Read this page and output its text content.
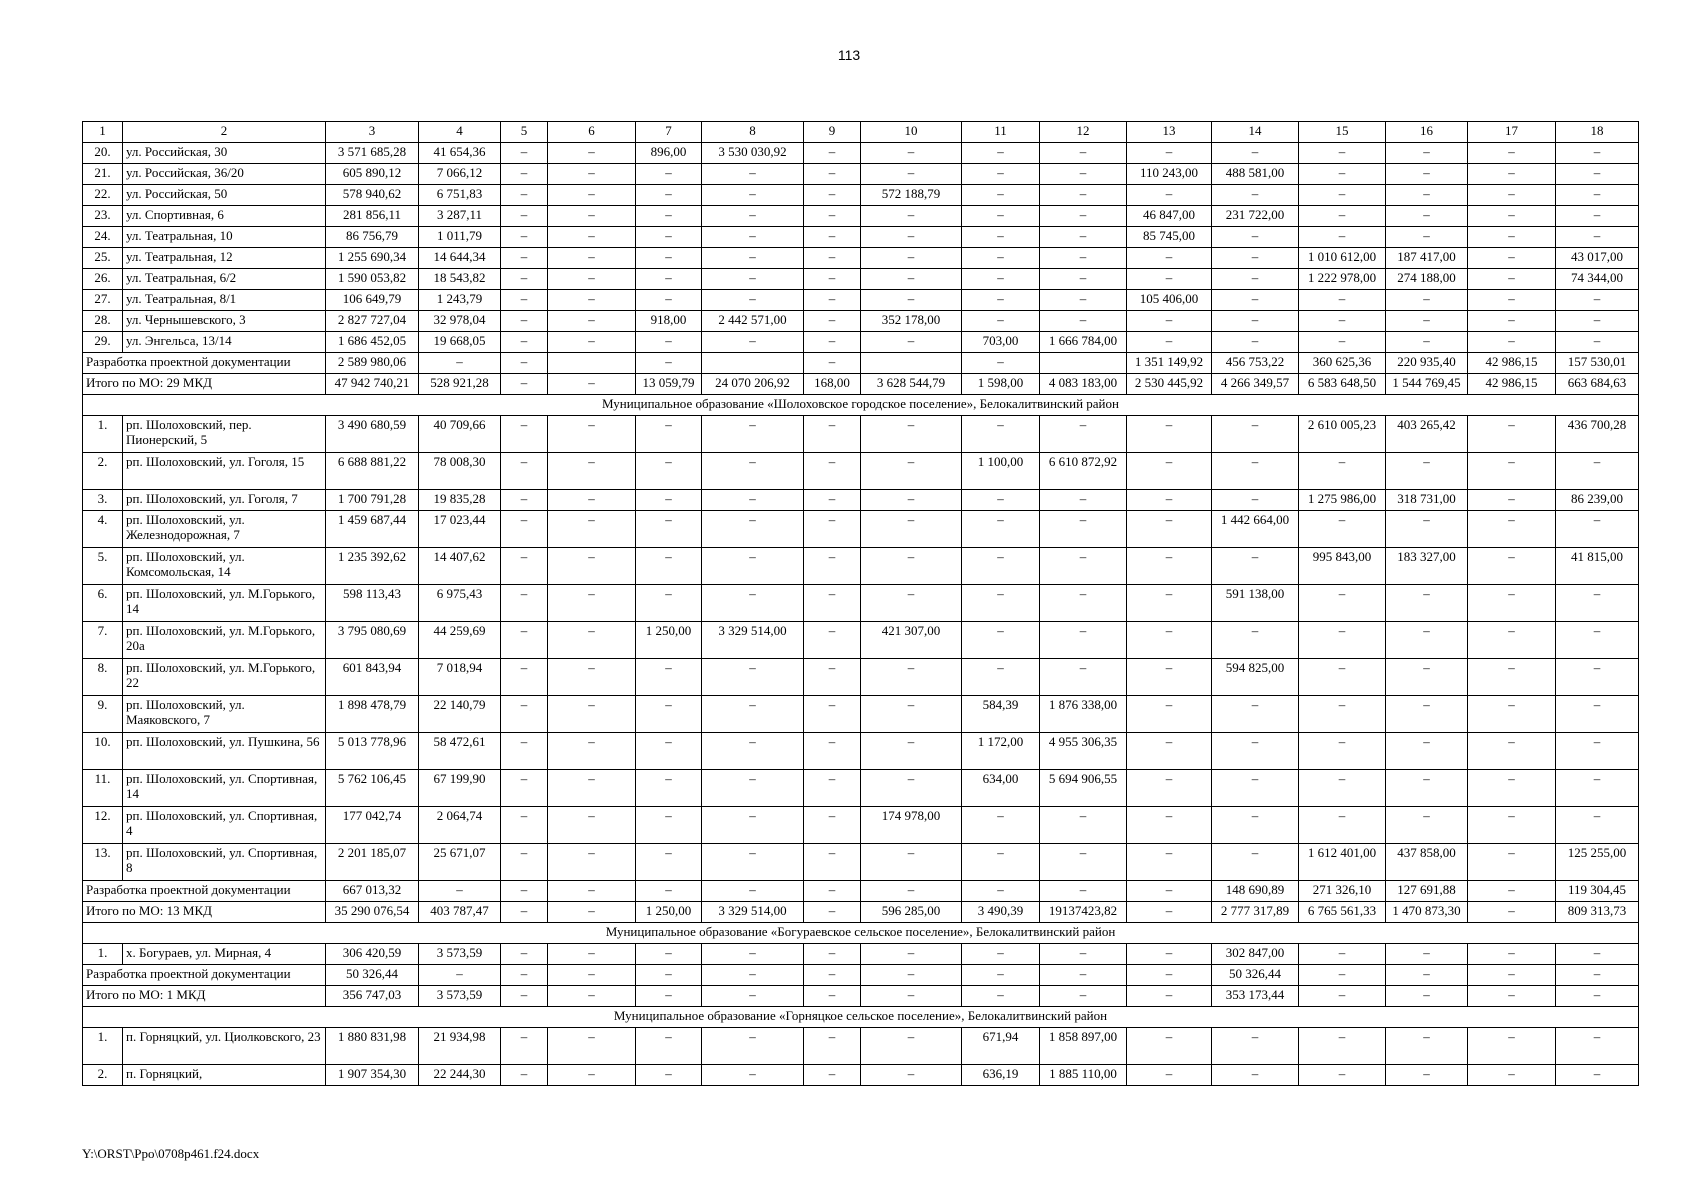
113
1	2	3	4	5	6	7	8	9	10	11	12	13	14	15	16	17	18
20.	ул. Российская, 30	3 571 685,28	41 654,36	–	–	896,00	3 530 030,92	–	–	–	–	–	–	–	–	–	–
21.	ул. Российская, 36/20	605 890,12	7 066,12	–	–	–	–	–	–	–	–	110 243,00	488 581,00	–	–	–	–
22.	ул. Российская, 50	578 940,62	6 751,83	–	–	–	–	–	572 188,79	–	–	–	–	–	–	–	–
23.	ул. Спортивная, 6	281 856,11	3 287,11	–	–	–	–	–	–	–	–	46 847,00	231 722,00	–	–	–	–
24.	ул. Театральная, 10	86 756,79	1 011,79	–	–	–	–	–	–	–	–	85 745,00	–	–	–	–	–
25.	ул. Театральная, 12	1 255 690,34	14 644,34	–	–	–	–	–	–	–	–	–	–	1 010 612,00	187 417,00	–	43 017,00
26.	ул. Театральная, 6/2	1 590 053,82	18 543,82	–	–	–	–	–	–	–	–	–	–	1 222 978,00	274 188,00	–	74 344,00
27.	ул. Театральная, 8/1	106 649,79	1 243,79	–	–	–	–	–	–	–	–	105 406,00	–	–	–	–	–
28.	ул. Чернышевского, 3	2 827 727,04	32 978,04	–	–	918,00	2 442 571,00	–	352 178,00	–	–	–	–	–	–	–	–
29.	ул. Энгельса, 13/14	1 686 452,05	19 668,05	–	–	–	–	–	–	703,00	1 666 784,00	–	–	–	–	–	–
Разработка проектной документации		2 589 980,06	–	–		–		–		–		1 351 149,92	456 753,22	360 625,36	220 935,40	42 986,15	157 530,01
Итого по МО: 29 МКД		47 942 740,21	528 921,28	–	–	13 059,79	24 070 206,92	168,00	3 628 544,79	1 598,00	4 083 183,00	2 530 445,92	4 266 349,57	6 583 648,50	1 544 769,45	42 986,15	663 684,63
Муниципальное образование «Шолоховское городское поселение», Белокалитвинский район																	
1.	рп. Шолоховский, пер. Пионерский, 5	3 490 680,59	40 709,66	–	–	–	–	–	–	–	–	–	–	2 610 005,23	403 265,42	–	436 700,28
2.	рп. Шолоховский, ул. Гоголя, 15	6 688 881,22	78 008,30	–	–	–	–	–	–	1 100,00	6 610 872,92	–	–	–	–	–	–
3.	рп. Шолоховский, ул. Гоголя, 7	1 700 791,28	19 835,28	–	–	–	–	–	–	–	–	–	–	1 275 986,00	318 731,00	–	86 239,00
4.	рп. Шолоховский, ул. Железнодорожная, 7	1 459 687,44	17 023,44	–	–	–	–	–	–	–	–	–	1 442 664,00	–	–	–	–
5.	рп. Шолоховский, ул. Комсомольская, 14	1 235 392,62	14 407,62	–	–	–	–	–	–	–	–	–	–	995 843,00	183 327,00	–	41 815,00
6.	рп. Шолоховский, ул. М.Горького, 14	598 113,43	6 975,43	–	–	–	–	–	–	–	–	–	591 138,00	–	–	–	–
7.	рп. Шолоховский, ул. М.Горького, 20а	3 795 080,69	44 259,69	–	–	1 250,00	3 329 514,00	–	421 307,00	–	–	–	–	–	–	–	–
8.	рп. Шолоховский, ул. М.Горького, 22	601 843,94	7 018,94	–	–	–	–	–	–	–	–	–	594 825,00	–	–	–	–
9.	рп. Шолоховский, ул. Маяковского, 7	1 898 478,79	22 140,79	–	–	–	–	–	–	584,39	1 876 338,00	–	–	–	–	–	–
10.	рп. Шолоховский, ул. Пушкина, 56	5 013 778,96	58 472,61	–	–	–	–	–	–	1 172,00	4 955 306,35	–	–	–	–	–	–
11.	рп. Шолоховский, ул. Спортивная, 14	5 762 106,45	67 199,90	–	–	–	–	–	–	634,00	5 694 906,55	–	–	–	–	–	–
12.	рп. Шолоховский, ул. Спортивная, 4	177 042,74	2 064,74	–	–	–	–	–	174 978,00	–	–	–	–	–	–	–	–
13.	рп. Шолоховский, ул. Спортивная, 8	2 201 185,07	25 671,07	–	–	–	–	–	–	–	–	–	–	1 612 401,00	437 858,00	–	125 255,00
Разработка проектной документации		667 013,32	–	–	–	–	–	–	–	–	–	–	148 690,89	271 326,10	127 691,88	–	119 304,45
Итого по МО: 13 МКД		35 290 076,54	403 787,47	–	–	1 250,00	3 329 514,00	–	596 285,00	3 490,39	19137423,82	–	2 777 317,89	6 765 561,33	1 470 873,30	–	809 313,73
Муниципальное образование «Богураевское сельское поселение», Белокалитвинский район																	
1.	х. Богураев, ул. Мирная, 4	306 420,59	3 573,59	–	–	–	–	–	–	–	–	–	302 847,00	–	–	–	–
Разработка проектной документации		50 326,44	–	–	–	–	–	–	–	–	–	–	50 326,44	–	–	–	–
Итого по МО: 1 МКД		356 747,03	3 573,59	–	–	–	–	–	–	–	–	–	353 173,44	–	–	–	–
Муниципальное образование «Горняцкое сельское поселение», Белокалитвинский район																	
1.	п. Горняцкий, ул. Циолковского, 23	1 880 831,98	21 934,98	–	–	–	–	–	–	671,94	1 858 897,00	–	–	–	–	–	–
2.	п. Горняцкий,	1 907 354,30	22 244,30	–	–	–	–	–	–	636,19	1 885 110,00	–	–	–	–	–	–
Y:\ORST\Ppo\0708p461.f24.docx
